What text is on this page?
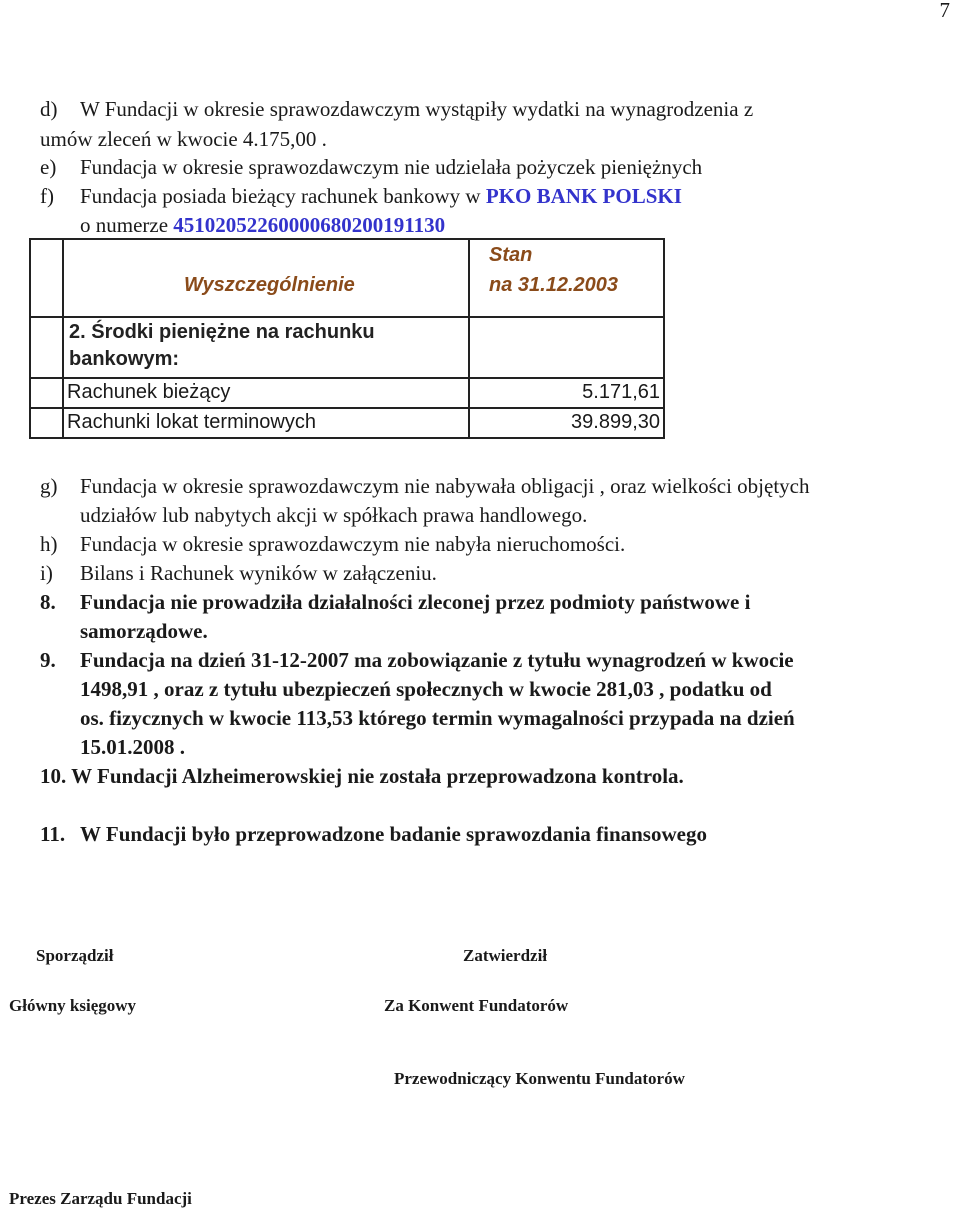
7
d) W Fundacji w okresie sprawozdawczym wystąpiły wydatki na wynagrodzenia z
umów zleceń w kwocie 4.175,00 .
e) Fundacja w okresie sprawozdawczym nie udzielała pożyczek pieniężnych
f) Fundacja posiada bieżący rachunek bankowy w PKO BANK POLSKI
o numerze 45102052260000680200191130
Wyszczególnienie
Stan
na 31.12.2003
2. Środki pieniężne na rachunku
bankowym:
Rachunek bieżący	5.171,61
Rachunki lokat terminowych	39.899,30
g) Fundacja w okresie sprawozdawczym nie nabywała obligacji , oraz wielkości objętych
udziałów lub nabytych akcji w spółkach prawa handlowego.
h) Fundacja w okresie sprawozdawczym nie nabyła nieruchomości.
i) Bilans i Rachunek wyników w załączeniu.
8. Fundacja nie prowadziła działalności zleconej przez podmioty państwowe i
samorządowe.
9. Fundacja na dzień 31-12-2007 ma zobowiązanie z tytułu wynagrodzeń w kwocie
1498,91 , oraz z tytułu ubezpieczeń społecznych w kwocie 281,03 , podatku od
os. fizycznych w kwocie 113,53 którego termin wymagalności przypada na dzień
15.01.2008 .
10. W Fundacji Alzheimerowskiej nie została przeprowadzona kontrola.
11. W Fundacji było przeprowadzone badanie sprawozdania finansowego
Sporządził	Zatwierdził
Główny księgowy	Za Konwent Fundatorów
Przewodniczący Konwentu Fundatorów
Prezes Zarządu Fundacji
